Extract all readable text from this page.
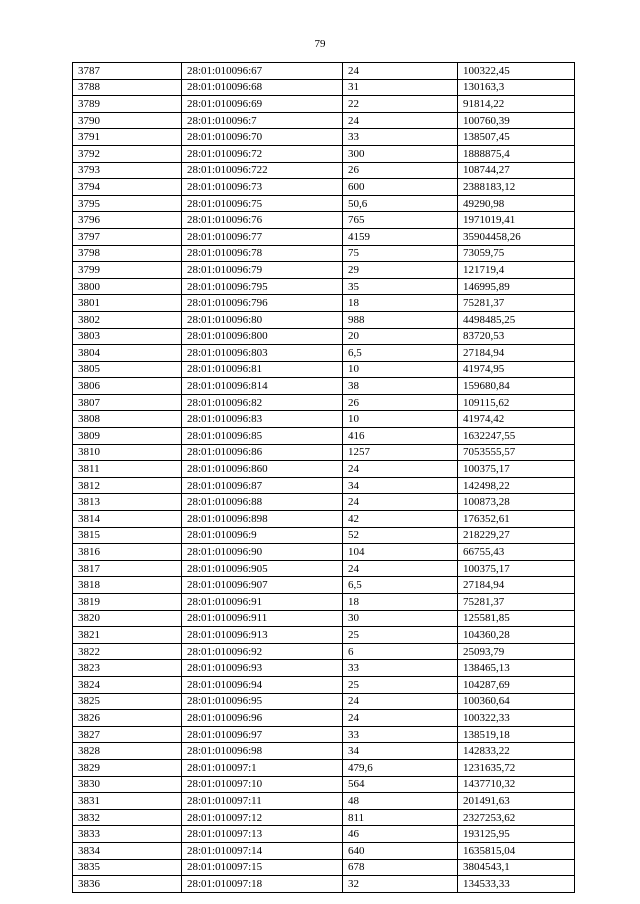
79
3787	28:01:010096:67	24	100322,45
3788	28:01:010096:68	31	130163,3
3789	28:01:010096:69	22	91814,22
3790	28:01:010096:7	24	100760,39
3791	28:01:010096:70	33	138507,45
3792	28:01:010096:72	300	1888875,4
3793	28:01:010096:722	26	108744,27
3794	28:01:010096:73	600	2388183,12
3795	28:01:010096:75	50,6	49290,98
3796	28:01:010096:76	765	1971019,41
3797	28:01:010096:77	4159	35904458,26
3798	28:01:010096:78	75	73059,75
3799	28:01:010096:79	29	121719,4
3800	28:01:010096:795	35	146995,89
3801	28:01:010096:796	18	75281,37
3802	28:01:010096:80	988	4498485,25
3803	28:01:010096:800	20	83720,53
3804	28:01:010096:803	6,5	27184,94
3805	28:01:010096:81	10	41974,95
3806	28:01:010096:814	38	159680,84
3807	28:01:010096:82	26	109115,62
3808	28:01:010096:83	10	41974,42
3809	28:01:010096:85	416	1632247,55
3810	28:01:010096:86	1257	7053555,57
3811	28:01:010096:860	24	100375,17
3812	28:01:010096:87	34	142498,22
3813	28:01:010096:88	24	100873,28
3814	28:01:010096:898	42	176352,61
3815	28:01:010096:9	52	218229,27
3816	28:01:010096:90	104	66755,43
3817	28:01:010096:905	24	100375,17
3818	28:01:010096:907	6,5	27184,94
3819	28:01:010096:91	18	75281,37
3820	28:01:010096:911	30	125581,85
3821	28:01:010096:913	25	104360,28
3822	28:01:010096:92	6	25093,79
3823	28:01:010096:93	33	138465,13
3824	28:01:010096:94	25	104287,69
3825	28:01:010096:95	24	100360,64
3826	28:01:010096:96	24	100322,33
3827	28:01:010096:97	33	138519,18
3828	28:01:010096:98	34	142833,22
3829	28:01:010097:1	479,6	1231635,72
3830	28:01:010097:10	564	1437710,32
3831	28:01:010097:11	48	201491,63
3832	28:01:010097:12	811	2327253,62
3833	28:01:010097:13	46	193125,95
3834	28:01:010097:14	640	1635815,04
3835	28:01:010097:15	678	3804543,1
3836	28:01:010097:18	32	134533,33
